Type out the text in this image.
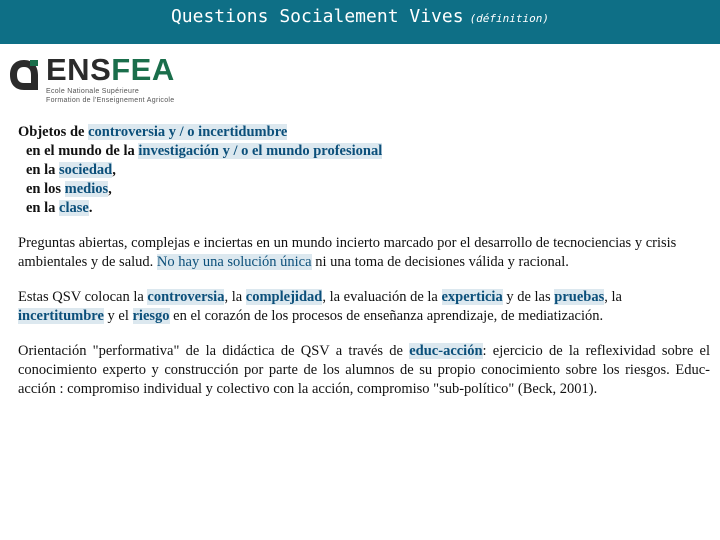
Questions Socialement Vives (définition)
ENSFEA
Ecole Nationale Supérieure
Formation de l'Enseignement Agricole
Objetos de controversia y / o incertidumbre
en el mundo de la investigación y / o el mundo profesional
en la sociedad,
en los medios,
en la clase.

Preguntas abiertas, complejas e inciertas en un mundo incierto marcado por el desarrollo de tecnociencias y crisis ambientales y de salud. No hay una solución única ni una toma de decisiones válida y racional.

Estas QSV colocan la controversia, la complejidad, la evaluación de la experticia y de las pruebas, la incertitumbre y el riesgo en el corazón de los procesos de enseñanza aprendizaje, de mediatización.

Orientación "performativa" de la didáctica de QSV a través de educ-acción: ejercicio de la reflexividad sobre el conocimiento experto y construcción por parte de los alumnos de su propio conocimiento sobre los riesgos. Educ-acción : compromiso individual y colectivo con la acción, compromiso "sub-político" (Beck, 2001).
